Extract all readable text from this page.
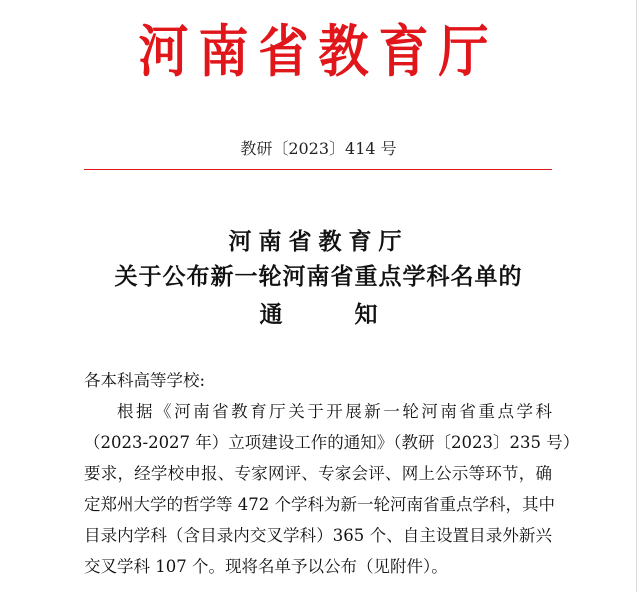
河南省教育厅
教研〔2023〕414 号
河南省教育厅
关于公布新一轮河南省重点学科名单的
通	知
各本科高等学校:
根据《河南省教育厅关于开展新一轮河南省重点学科
（2023-2027 年）立项建设工作的通知》（教研〔2023〕235 号）
要求，经学校申报、专家网评、专家会评、网上公示等环节，确
定郑州大学的哲学等 472 个学科为新一轮河南省重点学科，其中
目录内学科（含目录内交叉学科）365 个、自主设置目录外新兴
交叉学科 107 个。现将名单予以公布（见附件）。
